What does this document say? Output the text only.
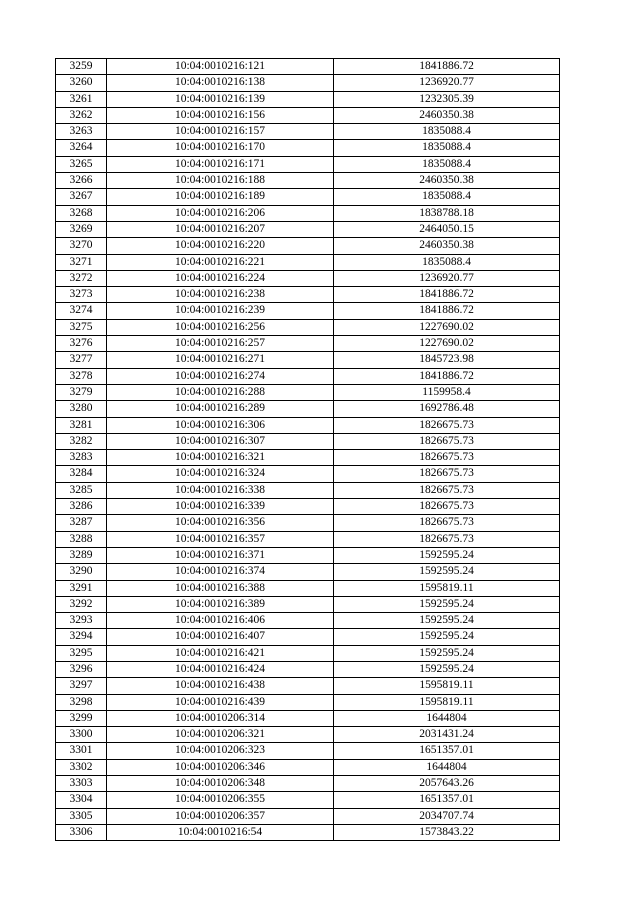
3259	10:04:0010216:121	1841886.72
3260	10:04:0010216:138	1236920.77
3261	10:04:0010216:139	1232305.39
3262	10:04:0010216:156	2460350.38
3263	10:04:0010216:157	1835088.4
3264	10:04:0010216:170	1835088.4
3265	10:04:0010216:171	1835088.4
3266	10:04:0010216:188	2460350.38
3267	10:04:0010216:189	1835088.4
3268	10:04:0010216:206	1838788.18
3269	10:04:0010216:207	2464050.15
3270	10:04:0010216:220	2460350.38
3271	10:04:0010216:221	1835088.4
3272	10:04:0010216:224	1236920.77
3273	10:04:0010216:238	1841886.72
3274	10:04:0010216:239	1841886.72
3275	10:04:0010216:256	1227690.02
3276	10:04:0010216:257	1227690.02
3277	10:04:0010216:271	1845723.98
3278	10:04:0010216:274	1841886.72
3279	10:04:0010216:288	1159958.4
3280	10:04:0010216:289	1692786.48
3281	10:04:0010216:306	1826675.73
3282	10:04:0010216:307	1826675.73
3283	10:04:0010216:321	1826675.73
3284	10:04:0010216:324	1826675.73
3285	10:04:0010216:338	1826675.73
3286	10:04:0010216:339	1826675.73
3287	10:04:0010216:356	1826675.73
3288	10:04:0010216:357	1826675.73
3289	10:04:0010216:371	1592595.24
3290	10:04:0010216:374	1592595.24
3291	10:04:0010216:388	1595819.11
3292	10:04:0010216:389	1592595.24
3293	10:04:0010216:406	1592595.24
3294	10:04:0010216:407	1592595.24
3295	10:04:0010216:421	1592595.24
3296	10:04:0010216:424	1592595.24
3297	10:04:0010216:438	1595819.11
3298	10:04:0010216:439	1595819.11
3299	10:04:0010206:314	1644804
3300	10:04:0010206:321	2031431.24
3301	10:04:0010206:323	1651357.01
3302	10:04:0010206:346	1644804
3303	10:04:0010206:348	2057643.26
3304	10:04:0010206:355	1651357.01
3305	10:04:0010206:357	2034707.74
3306	10:04:0010216:54	1573843.22
